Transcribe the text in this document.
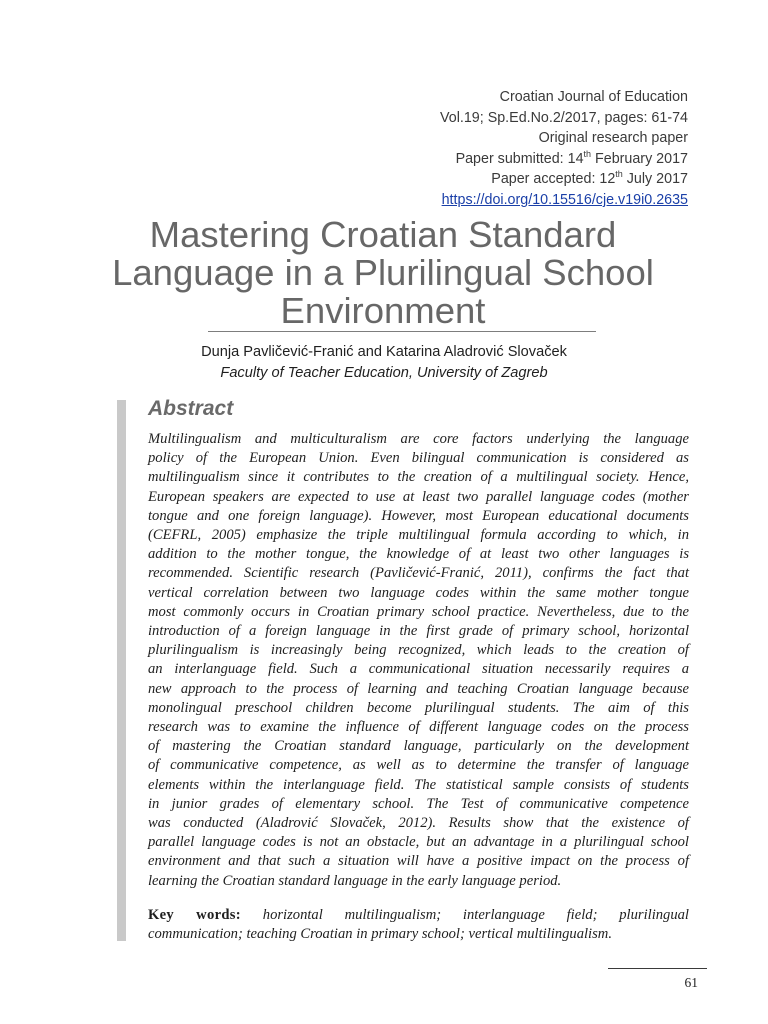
Croatian Journal of Education
Vol.19; Sp.Ed.No.2/2017, pages: 61-74
Original research paper
Paper submitted: 14th February 2017
Paper accepted: 12th July 2017
https://doi.org/10.15516/cje.v19i0.2635
Mastering Croatian Standard
Language in a Plurilingual School
Environment
Dunja Pavličević-Franić and Katarina Aladrović Slovaček
Faculty of Teacher Education, University of Zagreb
Abstract
Multilingualism and multiculturalism are core factors underlying the language
policy of the European Union. Even bilingual communication is considered as
multilingualism since it contributes to the creation of a multilingual society. Hence,
European speakers are expected to use at least two parallel language codes (mother
tongue and one foreign language). However, most European educational documents
(CEFRL, 2005) emphasize the triple multilingual formula according to which, in
addition to the mother tongue, the knowledge of at least two other languages is
recommended. Scientific research (Pavličević-Franić, 2011), confirms the fact that
vertical correlation between two language codes within the same mother tongue
most commonly occurs in Croatian primary school practice. Nevertheless, due to the
introduction of a foreign language in the first grade of primary school, horizontal
plurilingualism is increasingly being recognized, which leads to the creation of
an interlanguage field. Such a communicational situation necessarily requires a
new approach to the process of learning and teaching Croatian language because
monolingual preschool children become plurilingual students. The aim of this
research was to examine the influence of different language codes on the process
of mastering the Croatian standard language, particularly on the development
of communicative competence, as well as to determine the transfer of language
elements within the interlanguage field. The statistical sample consists of students
in junior grades of elementary school. The Test of communicative competence
was conducted (Aladrović Slovaček, 2012). Results show that the existence of
parallel language codes is not an obstacle, but an advantage in a plurilingual school
environment and that such a situation will have a positive impact on the process of
learning the Croatian standard language in the early language period.
Key words: horizontal multilingualism; interlanguage field; plurilingual
communication; teaching Croatian in primary school; vertical multilingualism.
61
